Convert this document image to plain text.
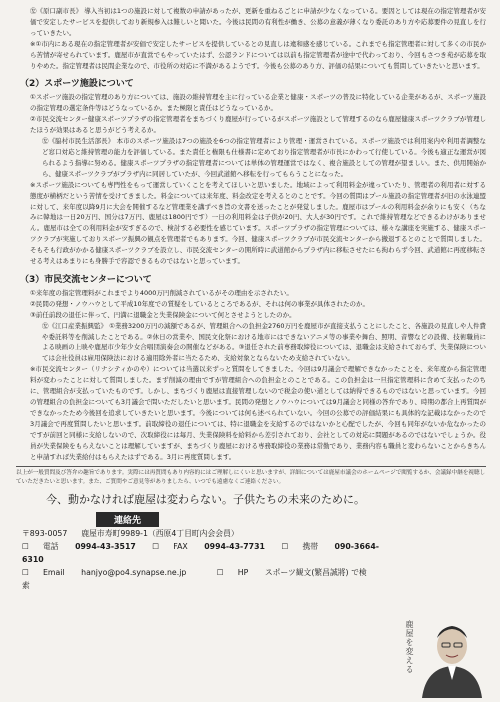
㊧《原口副市長》 導入当初は1つの施設に対して複数の申請があったが、更新を重ねるごとに申請が少なくなっている。要因としては現在の指定管理者が安価で安定したサービスを提供しており新規参入は難しいと聞いた。今後は民間の有利性が働き、公募の意義が薄くなり委託のあり方や応募要件の見直しを行っていきたい。

※①市内にある現在の指定管理者が安価で安定したサービスを提供しているとの見直しは違和感を感じている。これまでも指定管理者に対して多くの市民から苦情が寄せられています。鹿屋市が直営でもやっていたはず、公認ランドについては以前も指定管理者が途中で代わっており、今回もさつき苑が応募を取りやめた。指定管理者は民間企業なので、市役所の対応に不満があるようです。今後も公募のあり方、評価の結果についても質問していきたいと思います。

（2）スポーツ施設について

①スポーツ施設の指定管理のあり方については、施設の維持管理を主に行っている企業と健康・スポーツの普及に特化している企業があるが、スポーツ施設の指定管理の選定条件等はどうなっているか。また極限と責任はどうなっているか。

②市民交流センター健康スポーツプラザの指定管理者をまちづくり鹿屋が行っているがスポーツ施設として管理するのなら鹿屋健康スポーツクラブが管理したほうが効果はあると思うがどう考えるか。

㊧《脇村市民生活部長》 本市のスポーツ施設は7つの施設を6つの指定管理者により管理・運営されている。スポーツ施設では利用案内や利用者調整など窓口対応と維持管理の能力を評価している。また責任と権限も仕様書に定めており指定管理者が市長にかわって行使している。今後も適正な運営が図られるよう指導に努める。健康スポーツプラザの指定管理者については単体の管理運営ではなく、複合施設としての管理が望ましい。また、供用開始から、健康スポーツクラブがプラザ内に同居していたが、今回武道館へ移転を行ってもらうことになった。

※スポーツ施設についても専門性をもって運営していくことを考えてほしいと思いました。地域によって利用料金が違っていたり、管理者の利用者に対する態度が横柄だという苦情を受けてきました。料金については来年度、料金改定を考えるとのことです。今回の質問はプール施設の指定管理者が旧の水泳連盟に対して、来年度以降9月に大会を開催するなど管理業を講ずべき旨の文書を送ったことが発覚しました。鹿屋市はプールの利用料金が余りにも安く（ちなみに韓地は一日20万円、国分は7万円、鹿屋は1800円です）一日の利用料金は子供が20円、大人が30円です。これで維持管理などできるわけがありません。鹿屋市は全ての利用料金が安すぎるので、検討する必要性を感じています。スポーツプラザの指定管理については、様々な講座を実施する、健康スポーツクラブが実施しておりスポーツ振興の観点を管理者でもあります。今回、健康スポーツクラブが市民交流センターから撤退するとのことで質問しました。そもそも行政がかかる健康スポーツクラブを設立し、市民交流センターの開所時に武道館からプラザ内に移転させたにも拘わらず今回、武道館に再度移転させる考えはあまりにも身勝手で容認できるものではないと思っています。

（3）市民交流センターについて

①来年度の指定管理料がこれまでより4000万円削減されているがその理由を示されたい。

②民間の発想・ノウハウとして平成10年度での質疑をしているところであるが、それは何の事業が具体されたのか。

③前任前段の退任に伴って、円満に退職金と失業保険金について何とさせようとしたのか。

㊧《江口産業振興監》 ①業務3200万円の減額であるが、管理組合への負担金2760万円を鹿屋市が直接支払うことにしたこと、各施設の見直しや人件費や委託料等を削減したことである。②休日の営業や、国民文化祭における地市にはできないアニメ等の事業や舞台、照明、音響などの設備、技術職員による映画の上映や鹿屋市少年少女合唱団演奏会の開催などがある。③退任された前専務取締役については、退職金は支給されておらず、失業保険については会社役員は雇用保険法における適用除外者に当たるため、支給対象とならないため支給されていない。

※市民交流センター（リナシティかのや）については当選以来ずっと質問をしてきました。今回は9月議会で理解できなかったことを、来年度から指定管理料が変わったことに対して質問しました。まず削減の理由ですが管理組合への負担金とのことである。この負担金は一旦指定管理料に含めて支払ったのちに、管理組合が支払っていたものです。しかし、まちづくり鹿屋は直接管理しないので税金の使い道としては納得できるものではないと思っています。今回の管理組合の負担金についても3月議会で問いただしたいと思います。民間の発想とノウハウについては9月議会と同様の答弁であり、時期の都合上再質問ができなかったため今後回を追求していきたいと思います。今後については何も述べられていない。今回の公募での評価結果にも具体的な記載はなかったので3月議会で再度質問したいと思います。前取締役の退任については、特に退職金を支給するのではないかと心配でしたが、今回も同年がないか危なかったのですが前回と同様に支給しないので、次取締役には毎月、失業保険料を給料から差引されており、会社としての対応に問題があるのではないでしょうか。役員が失業保険をもらえないことは理解していますが、まちづくり鹿屋における専務取締役の業務は常勤であり、業務内容も職員と変わらないことからきちんと申請すれば失業給付はもらえたはずである。3月に再度質問します。

以上が一般質問及び答弁の趣旨であります。実際には再質問もあり内容的にはご理解しにくいと思いますが、詳細については鹿屋市議会のホームページで閲覧するか、会議録中継を視聴していただきたいと思います。また、ご質問やご意見等がありましたら、いつでも遠慮なくご連絡ください。

今、動かなければ鹿屋は変わらない。子供たちの未来のために。

連絡先
〒893-0057 鹿屋市寿町9989-1（西原4丁目町内会会員）
☐ 電話 0994-43-3517 ☐ FAX 0994-43-7731 ☐ 携帯 090-3664-6310
☐ Email hanjyo@po4.synapse.ne.jp	☐ HP スポーツ観文(繁昌誠將) で検索
鹿屋を変える
